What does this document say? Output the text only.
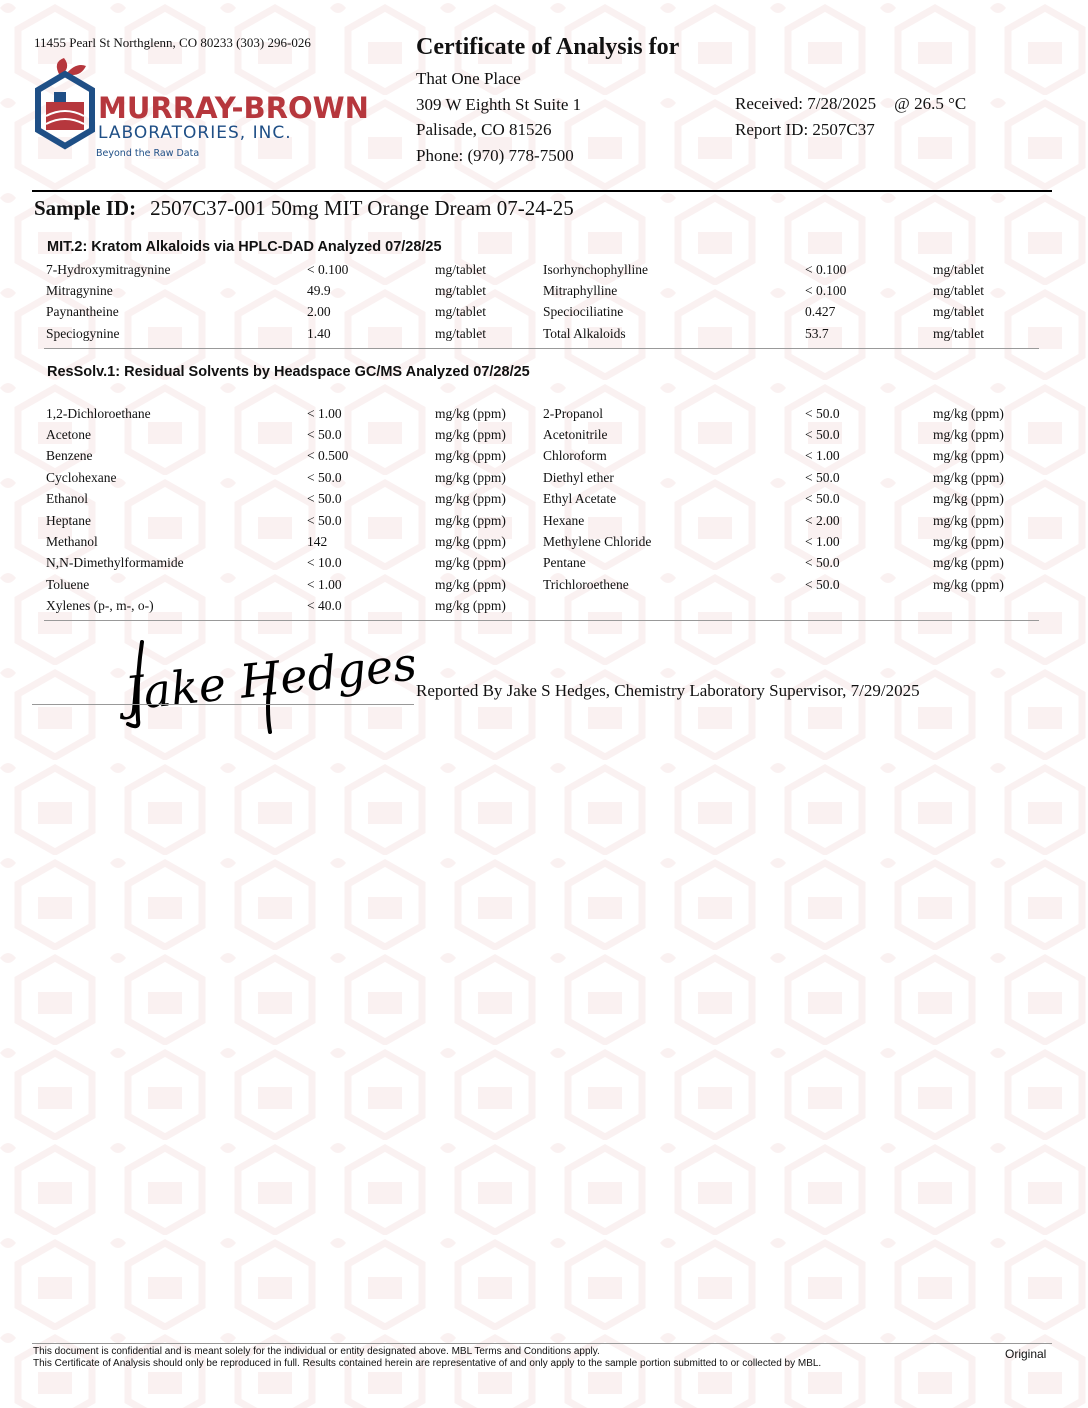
11455 Pearl St Northglenn, CO 80233 (303) 296-026
MURRAY-BROWN
LABORATORIES, INC.
Beyond the Raw Data
Certificate of Analysis for
That One Place
309 W Eighth St Suite 1
Palisade, CO 81526
Phone: (970) 778-7500
Received: 7/28/2025 @ 26.5 °C
Report ID: 2507C37
Sample ID: 2507C37-001 50mg MIT Orange Dream 07-24-25
MIT.2: Kratom Alkaloids via HPLC-DAD Analyzed 07/28/25
7-Hydroxymitragynine	< 0.100	mg/tablet	Isorhynchophylline	< 0.100	mg/tablet
Mitragynine	49.9	mg/tablet	Mitraphylline	< 0.100	mg/tablet
Paynantheine	2.00	mg/tablet	Speciociliatine	0.427	mg/tablet
Speciogynine	1.40	mg/tablet	Total Alkaloids	53.7	mg/tablet
ResSolv.1: Residual Solvents by Headspace GC/MS Analyzed 07/28/25
1,2-Dichloroethane	< 1.00	mg/kg (ppm)	2-Propanol	< 50.0	mg/kg (ppm)
Acetone	< 50.0	mg/kg (ppm)	Acetonitrile	< 50.0	mg/kg (ppm)
Benzene	< 0.500	mg/kg (ppm)	Chloroform	< 1.00	mg/kg (ppm)
Cyclohexane	< 50.0	mg/kg (ppm)	Diethyl ether	< 50.0	mg/kg (ppm)
Ethanol	< 50.0	mg/kg (ppm)	Ethyl Acetate	< 50.0	mg/kg (ppm)
Heptane	< 50.0	mg/kg (ppm)	Hexane	< 2.00	mg/kg (ppm)
Methanol	142	mg/kg (ppm)	Methylene Chloride	< 1.00	mg/kg (ppm)
N,N-Dimethylformamide	< 10.0	mg/kg (ppm)	Pentane	< 50.0	mg/kg (ppm)
Toluene	< 1.00	mg/kg (ppm)	Trichloroethene	< 50.0	mg/kg (ppm)
Xylenes (p-, m-, o-)	< 40.0	mg/kg (ppm)			
Jake Hedges
Reported By Jake S Hedges, Chemistry Laboratory Supervisor, 7/29/2025
This document is confidential and is meant solely for the individual or entity designated above. MBL Terms and Conditions apply.
This Certificate of Analysis should only be reproduced in full. Results contained herein are representative of and only apply to the sample portion submitted to or collected by MBL.
Original
